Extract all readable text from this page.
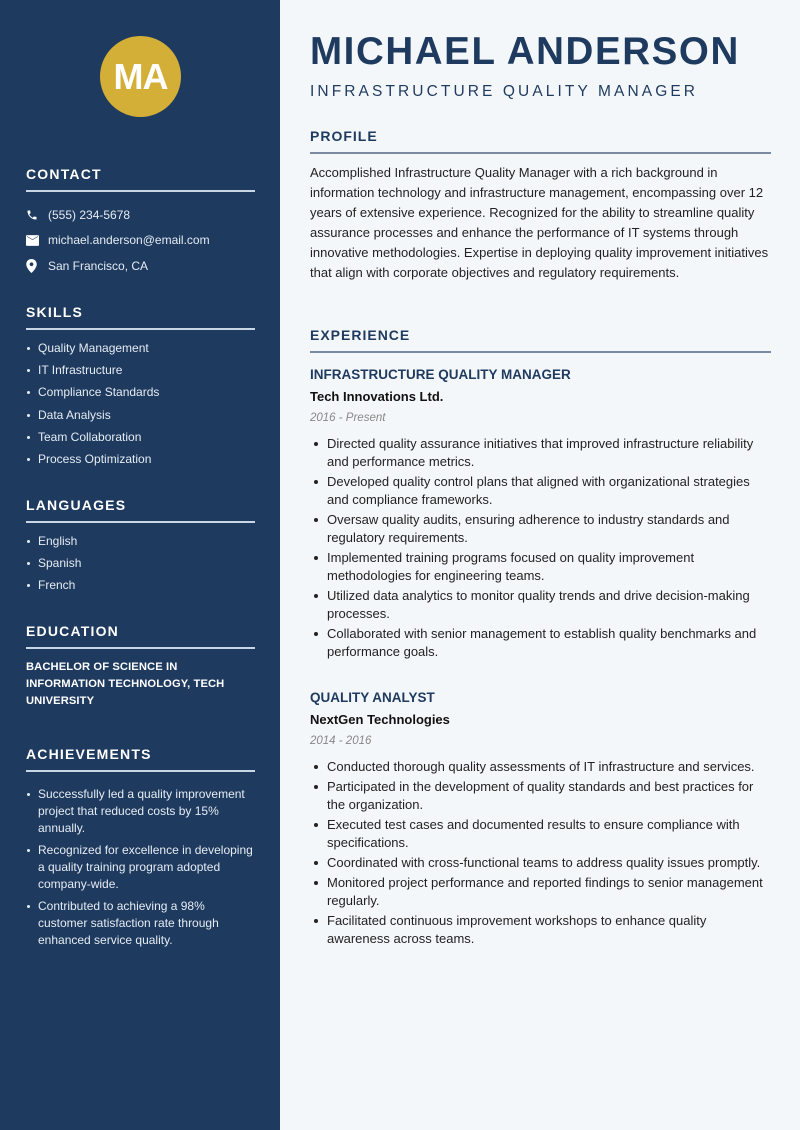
MA
CONTACT
(555) 234-5678
michael.anderson@email.com
San Francisco, CA
SKILLS
Quality Management
IT Infrastructure
Compliance Standards
Data Analysis
Team Collaboration
Process Optimization
LANGUAGES
English
Spanish
French
EDUCATION
BACHELOR OF SCIENCE IN INFORMATION TECHNOLOGY, TECH UNIVERSITY
ACHIEVEMENTS
Successfully led a quality improvement project that reduced costs by 15% annually.
Recognized for excellence in developing a quality training program adopted company-wide.
Contributed to achieving a 98% customer satisfaction rate through enhanced service quality.
MICHAEL ANDERSON
INFRASTRUCTURE QUALITY MANAGER
PROFILE

Accomplished Infrastructure Quality Manager with a rich background in information technology and infrastructure management, encompassing over 12 years of extensive experience. Recognized for the ability to streamline quality assurance processes and enhance the performance of IT systems through innovative methodologies. Expertise in deploying quality improvement initiatives that align with corporate objectives and regulatory requirements.

EXPERIENCE
INFRASTRUCTURE QUALITY MANAGER
Tech Innovations Ltd.
2016 - Present
Directed quality assurance initiatives that improved infrastructure reliability and performance metrics.
Developed quality control plans that aligned with organizational strategies and compliance frameworks.
Oversaw quality audits, ensuring adherence to industry standards and regulatory requirements.
Implemented training programs focused on quality improvement methodologies for engineering teams.
Utilized data analytics to monitor quality trends and drive decision-making processes.
Collaborated with senior management to establish quality benchmarks and performance goals.
QUALITY ANALYST
NextGen Technologies
2014 - 2016
Conducted thorough quality assessments of IT infrastructure and services.
Participated in the development of quality standards and best practices for the organization.
Executed test cases and documented results to ensure compliance with specifications.
Coordinated with cross-functional teams to address quality issues promptly.
Monitored project performance and reported findings to senior management regularly.
Facilitated continuous improvement workshops to enhance quality awareness across teams.
